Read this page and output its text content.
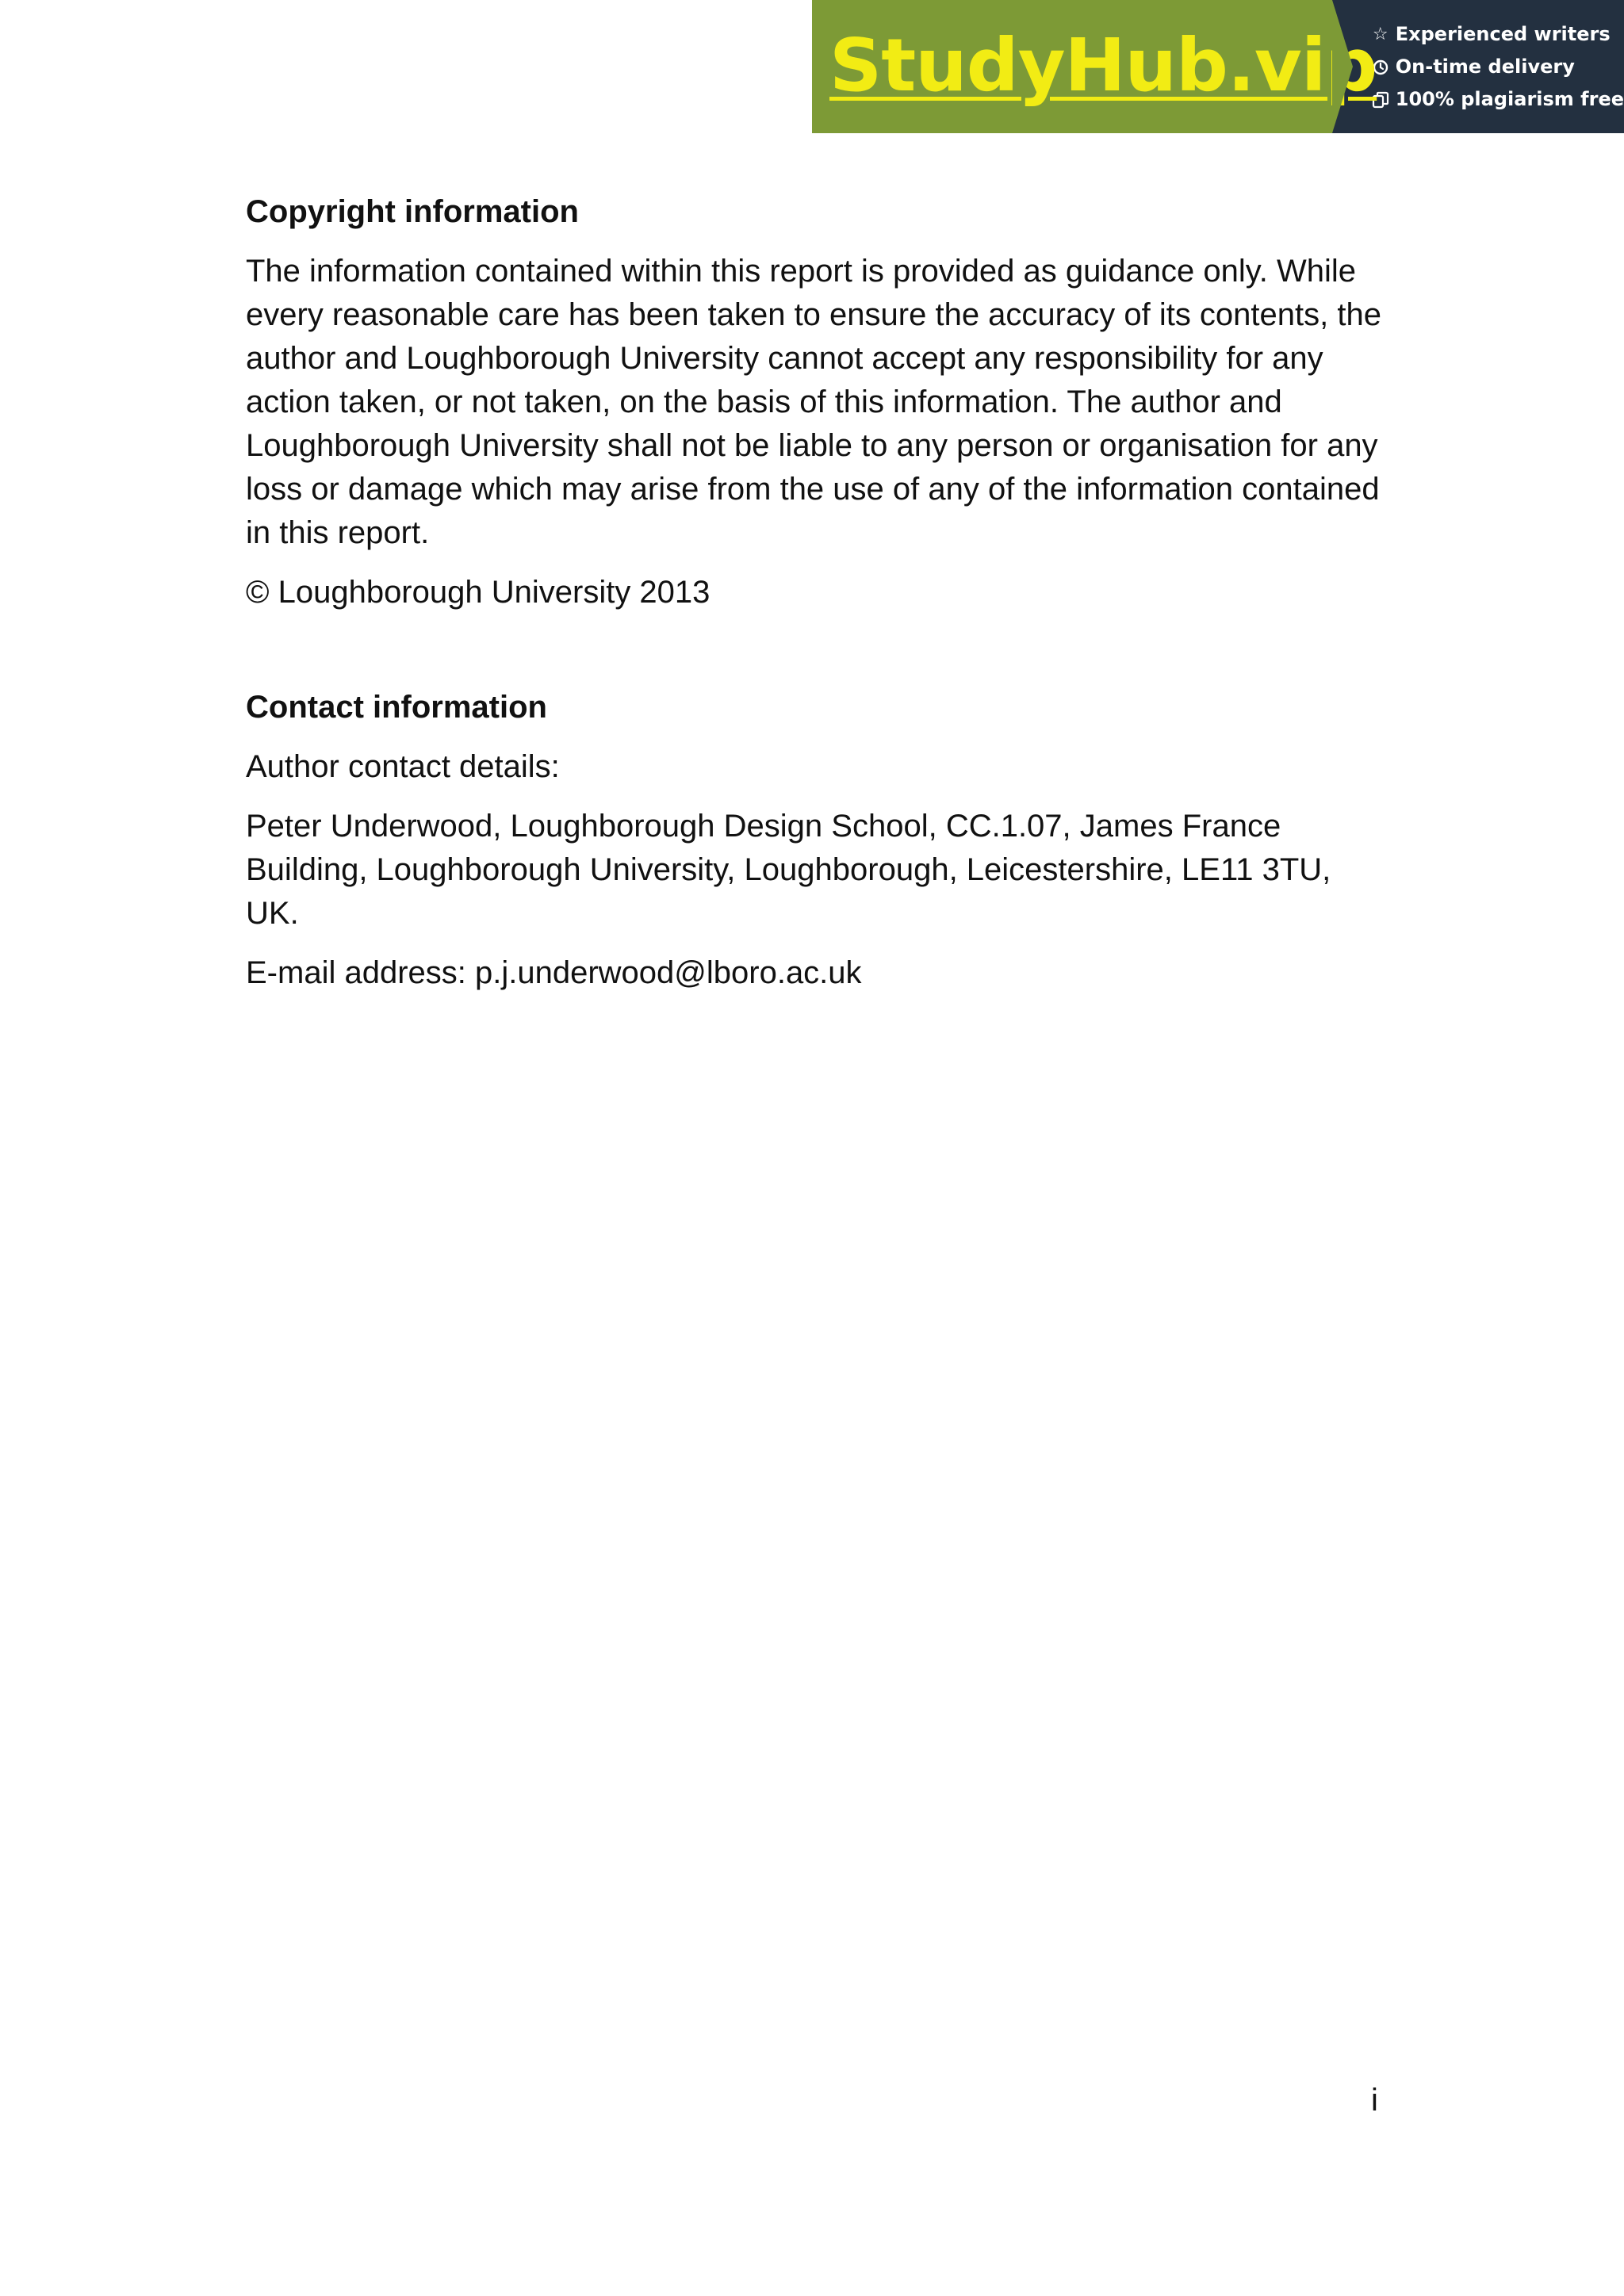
StudyHub.vip
☆ Experienced writers
On-time delivery
100% plagiarism free
Copyright information

The information contained within this report is provided as guidance only. While every reasonable care has been taken to ensure the accuracy of its contents, the author and Loughborough University cannot accept any responsibility for any action taken, or not taken, on the basis of this information. The author and Loughborough University shall not be liable to any person or organisation for any loss or damage which may arise from the use of any of the information contained in this report.

© Loughborough University 2013

Contact information

Author contact details:

Peter Underwood, Loughborough Design School, CC.1.07, James France Building, Loughborough University, Loughborough, Leicestershire, LE11 3TU, UK.

E-mail address: p.j.underwood@lboro.ac.uk

i
